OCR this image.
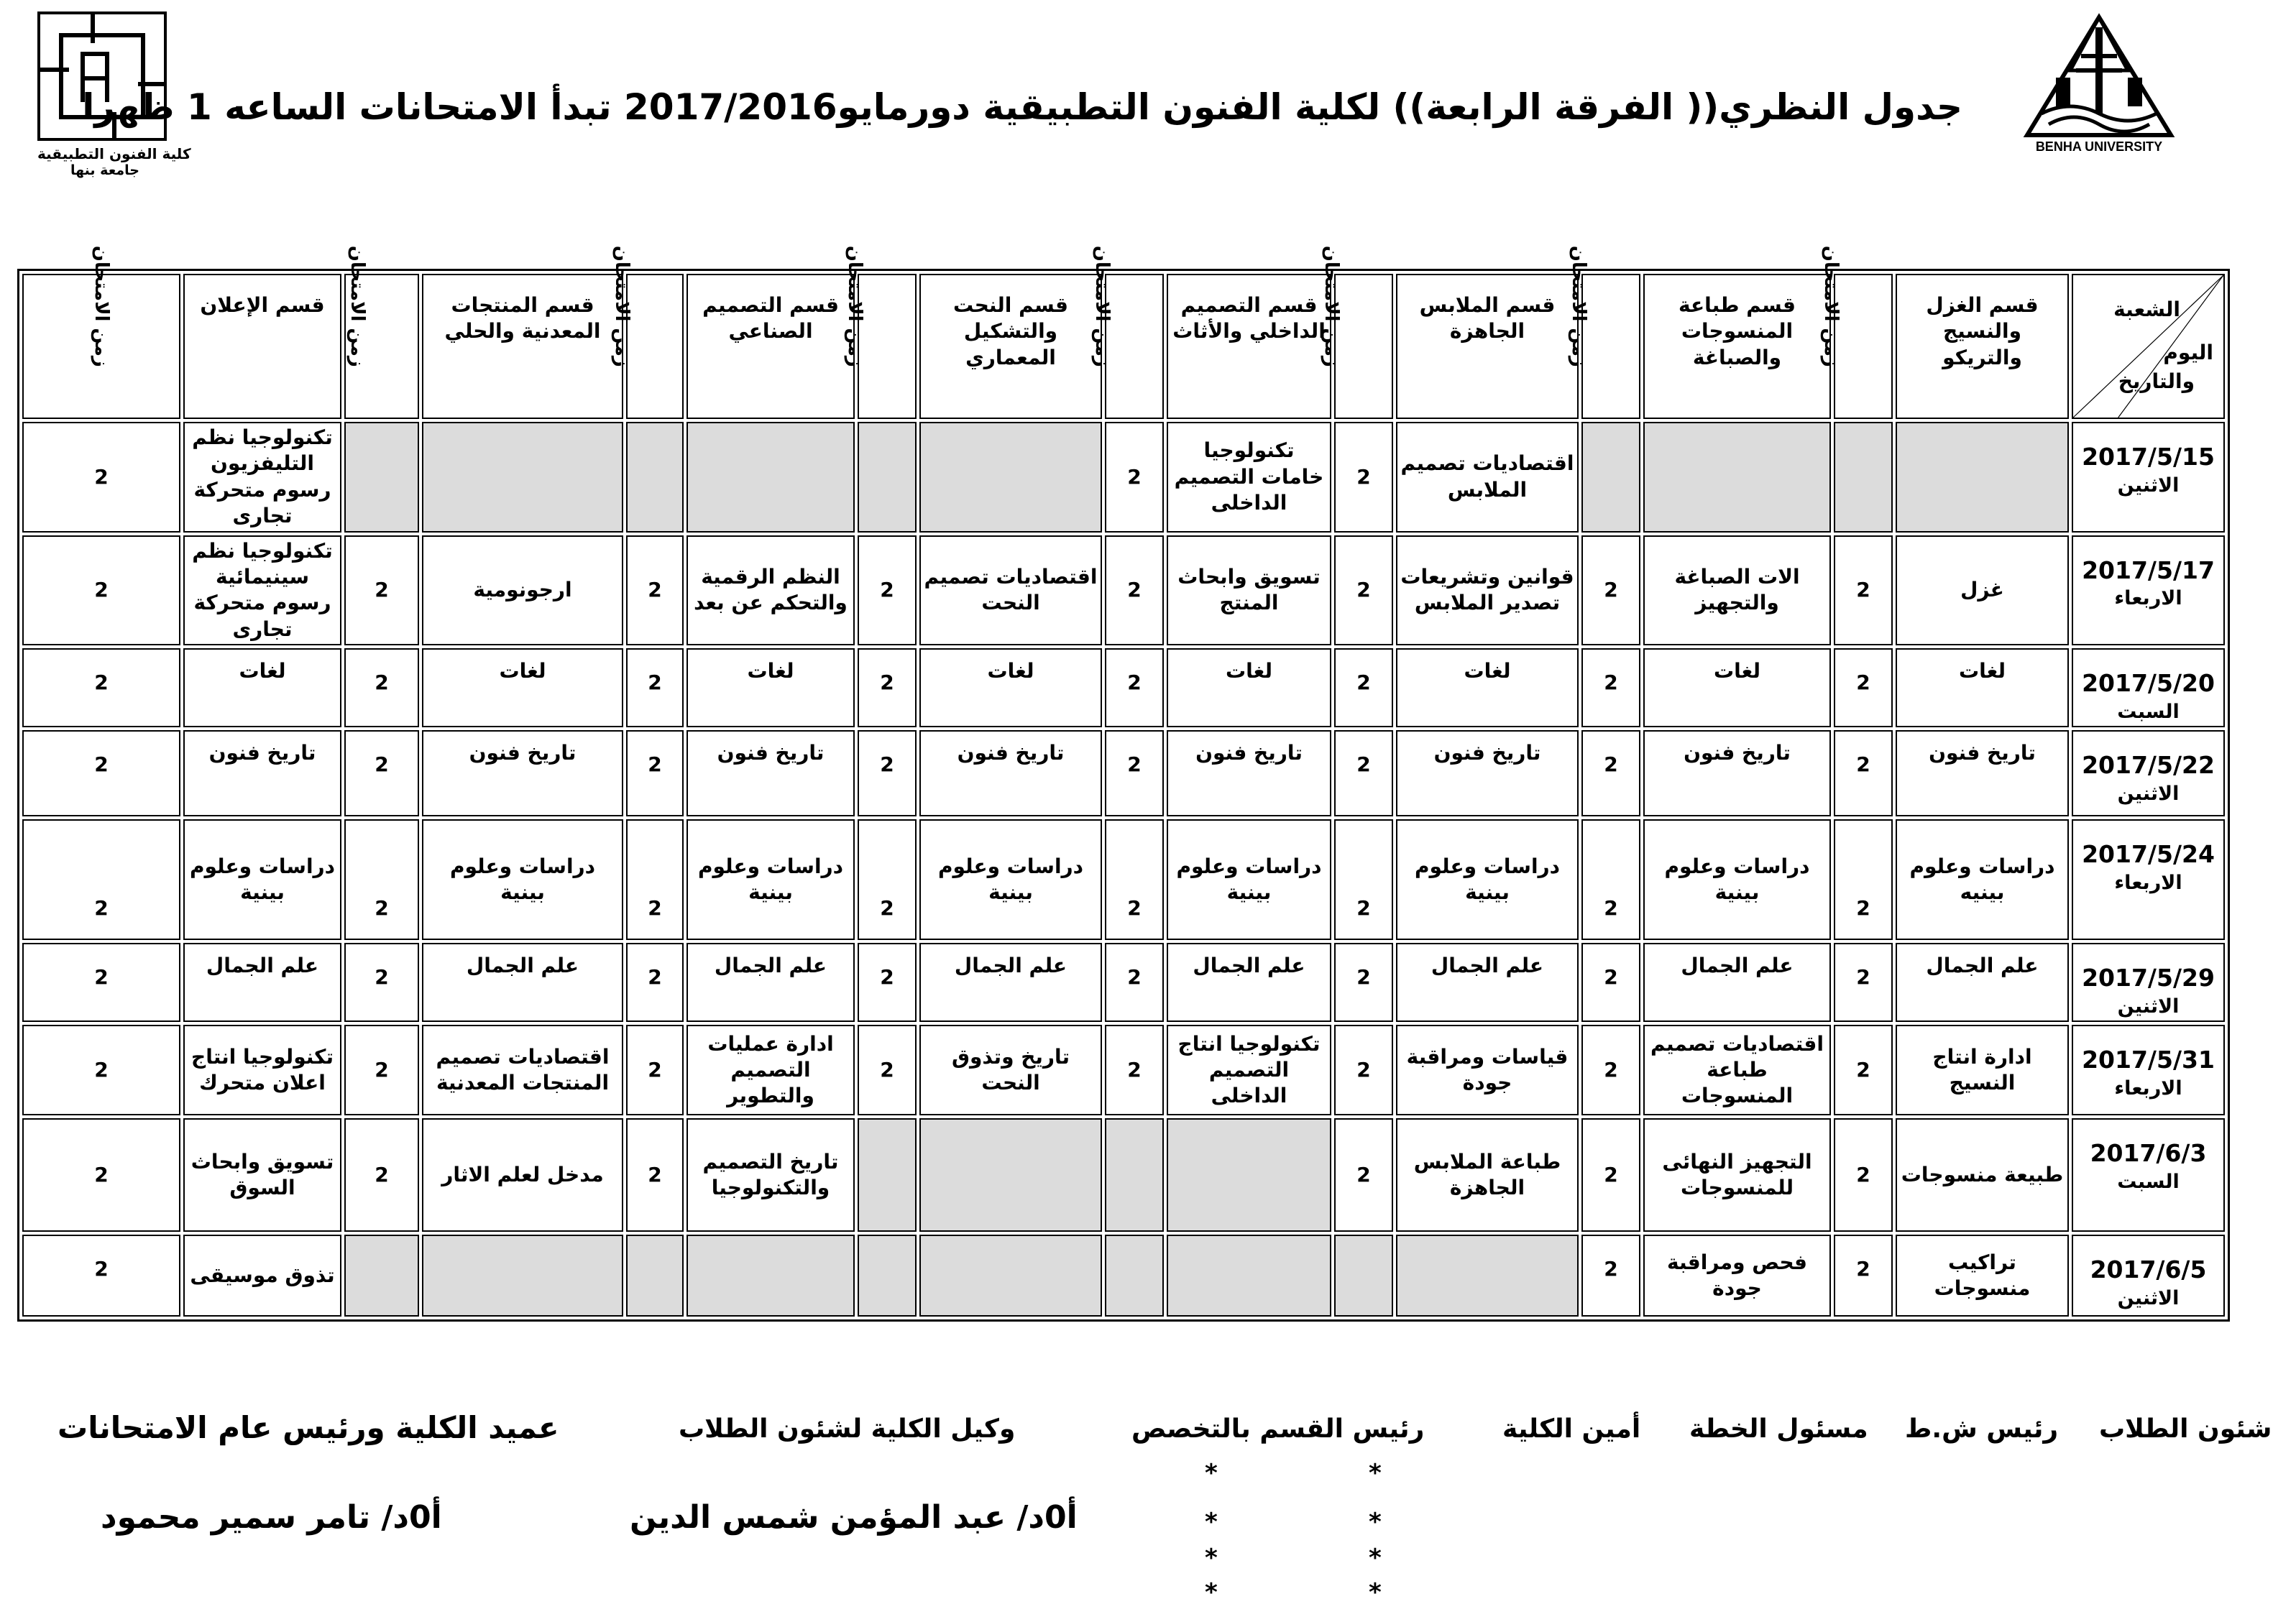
كلية الفنون التطبيقية
جامعة بنها
BENHA UNIVERSITY
جدول النظري(( الفرقة الرابعة)) لكلية الفنون التطبيقية دورمايو2017/2016 تبدأ الامتحانات الساعه 1 ظهرا
الشعبة
اليوم
والتاريخ	قسم الغزل والنسيج والتريكو	زمن الامتحان	قسم طباعة المنسوجات والصباغة	زمن الامتحان	قسم الملابس الجاهزة	زمن الامتحان	قسم التصميم الداخلي والأثاث	زمن الامتحان	قسم النحت والتشكيل المعماري	زمن الامتحان	قسم التصميم الصناعي	زمن الامتحان	قسم المنتجات المعدنية والحلي	زمن الامتحان	قسم الإعلان	زمن الامتحان

2017/5/15
الاثنين					اقتصاديات تصميم الملابس	2	تكنولوجيا خامات التصميم الداخلى	2							تكنولوجيا نظم التليفزيون رسوم متحركة تجارى	2

2017/5/17
الاربعاء	غزل	2	الات الصباغة والتجهيز	2	قوانين وتشريعات تصدير الملابس	2	تسويق وابحاث المنتج	2	اقتصاديات تصميم النحت	2	النظم الرقمية والتحكم عن بعد	2	ارجونومية	2	تكنولوجيا نظم سينيمائية رسوم متحركة تجارى	2

2017/5/20
السبت	لغات	2	لغات	2	لغات	2	لغات	2	لغات	2	لغات	2	لغات	2	لغات	2

2017/5/22
الاثنين	تاريخ فنون	2	تاريخ فنون	2	تاريخ فنون	2	تاريخ فنون	2	تاريخ فنون	2	تاريخ فنون	2	تاريخ فنون	2	تاريخ فنون	2

2017/5/24
الاربعاء	دراسات وعلوم بينيه	2	دراسات وعلوم بينية	2	دراسات وعلوم بينية	2	دراسات وعلوم بينية	2	دراسات وعلوم بينية	2	دراسات وعلوم بينية	2	دراسات وعلوم بينية	2	دراسات وعلوم بينية	2

2017/5/29
الاثنين	علم الجمال	2	علم الجمال	2	علم الجمال	2	علم الجمال	2	علم الجمال	2	علم الجمال	2	علم الجمال	2	علم الجمال	2

2017/5/31
الاربعاء	ادارة انتاج النسيج	2	اقتصاديات تصميم طباعة المنسوجات	2	قياسات ومراقبة جودة	2	تكنولوجيا انتاج التصميم الداخلى	2	تاريخ وتذوق النحت	2	ادارة عمليات التصميم والتطوير	2	اقتصاديات تصميم المنتجات المعدنية	2	تكنولوجيا انتاج اعلان متحرك	2

2017/6/3
السبت	طبيعة منسوجات	2	التجهيز النهائى للمنسوجات	2	طباعة الملابس الجاهزة	2					تاريخ التصميم والتكنولوجيا	2	مدخل لعلم الاثار	2	تسويق وابحاث السوق	2

2017/6/5
الاثنين	تراكيب منسوجات	2	فحص ومراقبة جودة	2											تذوق موسيقى	2
شئون الطلاب
رئيس ش.ط
مسئول الخطة
أمين الكلية
رئيس القسم بالتخصص
وكيل الكلية لشئون الطلاب
عميد الكلية ورئيس عام الامتحانات
أ0د/ عبد المؤمن شمس الدين
أ0د/ تامر سمير محمود
*
*
*
*
*
*
*
*
